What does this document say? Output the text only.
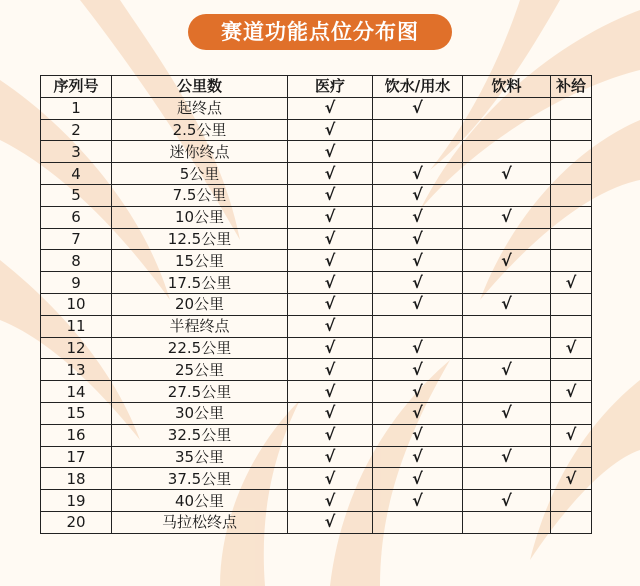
赛道功能点位分布图
序列号	公里数	医疗	饮水/用水	饮料	补给
1	起终点	√	√		
2	2.5公里	√			
3	迷你终点	√			
4	5公里	√	√	√	
5	7.5公里	√	√		
6	10公里	√	√	√	
7	12.5公里	√	√		
8	15公里	√	√	√	
9	17.5公里	√	√		√
10	20公里	√	√	√	
11	半程终点	√			
12	22.5公里	√	√		√
13	25公里	√	√	√	
14	27.5公里	√	√		√
15	30公里	√	√	√	
16	32.5公里	√	√		√
17	35公里	√	√	√	
18	37.5公里	√	√		√
19	40公里	√	√	√	
20	马拉松终点	√			
